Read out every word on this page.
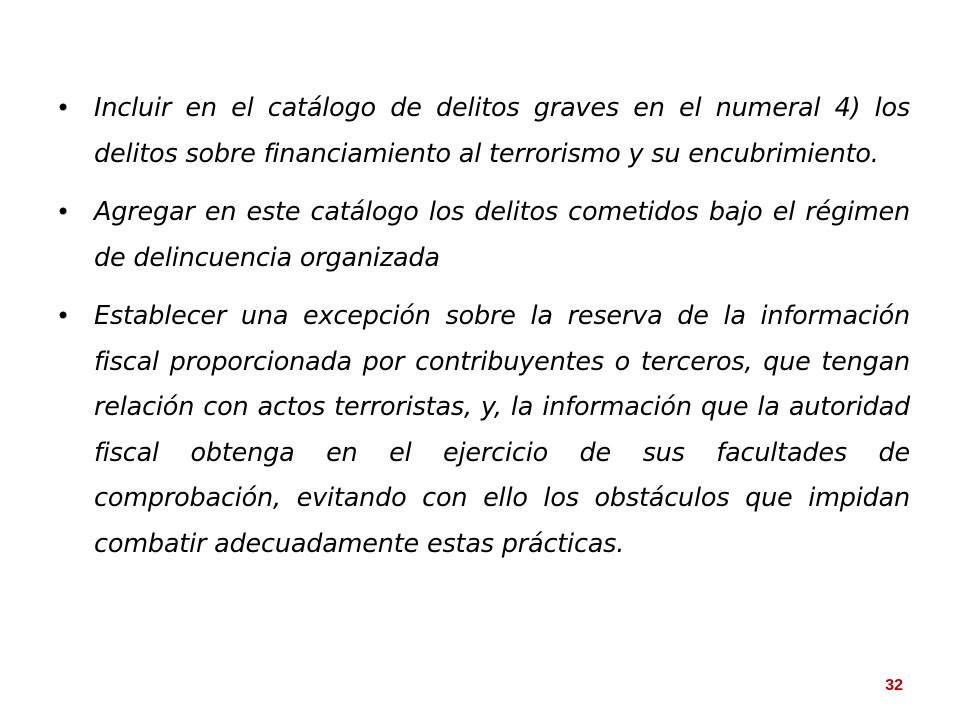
• Incluir en el catálogo de delitos graves en el numeral 4) los delitos sobre financiamiento al terrorismo y su encubrimiento.
• Agregar en este catálogo los delitos cometidos bajo el régimen de delincuencia organizada
• Establecer una excepción sobre la reserva de la información fiscal proporcionada por contribuyentes o terceros, que tengan relación con actos terroristas, y, la información que la autoridad fiscal obtenga en el ejercicio de sus facultades de comprobación, evitando con ello los obstáculos que impidan combatir adecuadamente estas prácticas.
32
